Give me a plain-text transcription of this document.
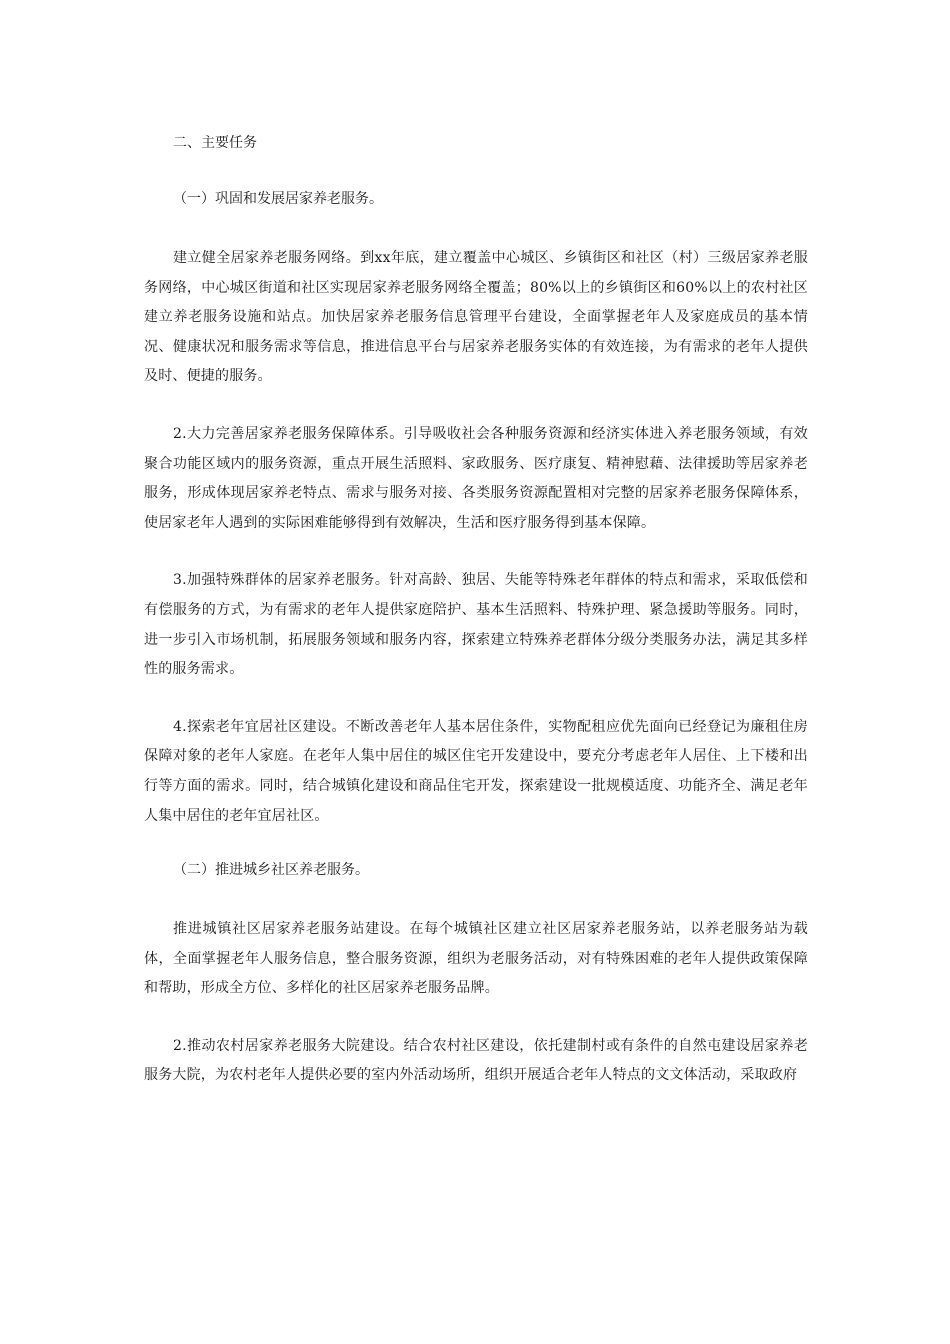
二、主要任务

（一）巩固和发展居家养老服务。

建立健全居家养老服务网络。到xx年底，建立覆盖中心城区、乡镇街区和社区（村）三级居家养老服务网络，中心城区街道和社区实现居家养老服务网络全覆盖；80%以上的乡镇街区和60%以上的农村社区建立养老服务设施和站点。加快居家养老服务信息管理平台建设，全面掌握老年人及家庭成员的基本情况、健康状况和服务需求等信息，推进信息平台与居家养老服务实体的有效连接，为有需求的老年人提供及时、便捷的服务。

2.大力完善居家养老服务保障体系。引导吸收社会各种服务资源和经济实体进入养老服务领域，有效聚合功能区域内的服务资源，重点开展生活照料、家政服务、医疗康复、精神慰藉、法律援助等居家养老服务，形成体现居家养老特点、需求与服务对接、各类服务资源配置相对完整的居家养老服务保障体系，使居家老年人遇到的实际困难能够得到有效解决，生活和医疗服务得到基本保障。

3.加强特殊群体的居家养老服务。针对高龄、独居、失能等特殊老年群体的特点和需求，采取低偿和有偿服务的方式，为有需求的老年人提供家庭陪护、基本生活照料、特殊护理、紧急援助等服务。同时，进一步引入市场机制，拓展服务领域和服务内容，探索建立特殊养老群体分级分类服务办法，满足其多样性的服务需求。

4.探索老年宜居社区建设。不断改善老年人基本居住条件，实物配租应优先面向已经登记为廉租住房保障对象的老年人家庭。在老年人集中居住的城区住宅开发建设中，要充分考虑老年人居住、上下楼和出行等方面的需求。同时，结合城镇化建设和商品住宅开发，探索建设一批规模适度、功能齐全、满足老年人集中居住的老年宜居社区。

（二）推进城乡社区养老服务。

推进城镇社区居家养老服务站建设。在每个城镇社区建立社区居家养老服务站，以养老服务站为载体，全面掌握老年人服务信息，整合服务资源，组织为老服务活动，对有特殊困难的老年人提供政策保障和帮助，形成全方位、多样化的社区居家养老服务品牌。

2.推动农村居家养老服务大院建设。结合农村社区建设，依托建制村或有条件的自然屯建设居家养老服务大院，为农村老年人提供必要的室内外活动场所，组织开展适合老年人特点的文文体活动，采取政府
